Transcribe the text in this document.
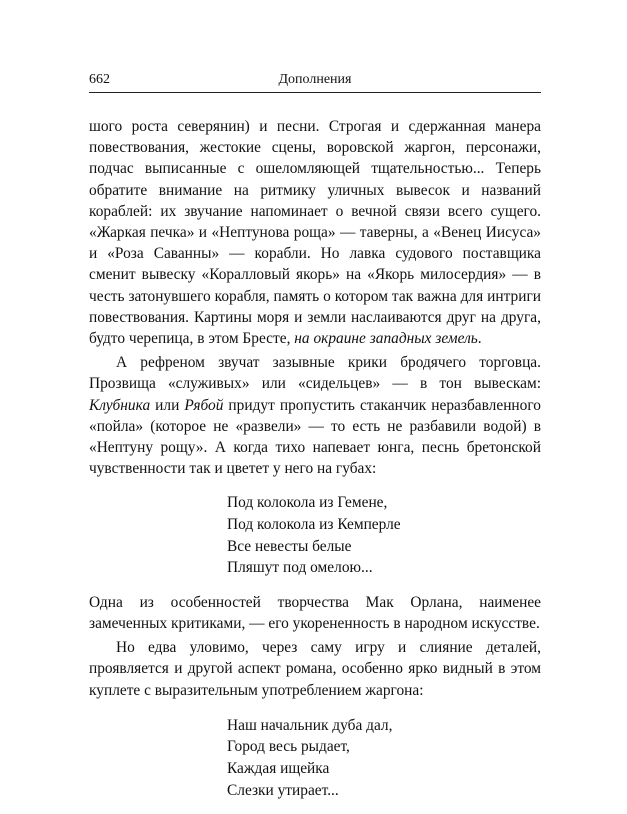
662	Дополнения

шого роста северянин) и песни. Строгая и сдержанная манера повествования, жестокие сцены, воровской жаргон, персонажи, подчас выписанные с ошеломляющей тщательностью... Теперь обратите внимание на ритмику уличных вывесок и названий кораблей: их звучание напоминает о вечной связи всего сущего. «Жаркая печка» и «Нептунова роща» — таверны, а «Венец Иисуса» и «Роза Саванны» — корабли. Но лавка судового поставщика сменит вывеску «Коралловый якорь» на «Якорь милосердия» — в честь затонувшего корабля, память о котором так важна для интриги повествования. Картины моря и земли наслаиваются друг на друга, будто черепица, в этом Бресте, на окраине западных земель.

А рефреном звучат зазывные крики бродячего торговца. Прозвища «служивых» или «сидельцев» — в тон вывескам: Клубника или Рябой придут пропустить стаканчик неразбавленного «пойла» (которое не «развели» — то есть не разбавили водой) в «Нептуну рощу». А когда тихо напевает юнга, песнь бретонской чувственности так и цветет у него на губах:

Под колокола из Гемене,
Под колокола из Кемперле
Все невесты белые
Пляшут под омелою...

Одна из особенностей творчества Мак Орлана, наименее замеченных критиками, — его укорененность в народном искусстве.

Но едва уловимо, через саму игру и слияние деталей, проявляется и другой аспект романа, особенно ярко видный в этом куплете с выразительным употреблением жаргона:

Наш начальник дуба дал,
Город весь рыдает,
Каждая ищейка
Слезки утирает...
